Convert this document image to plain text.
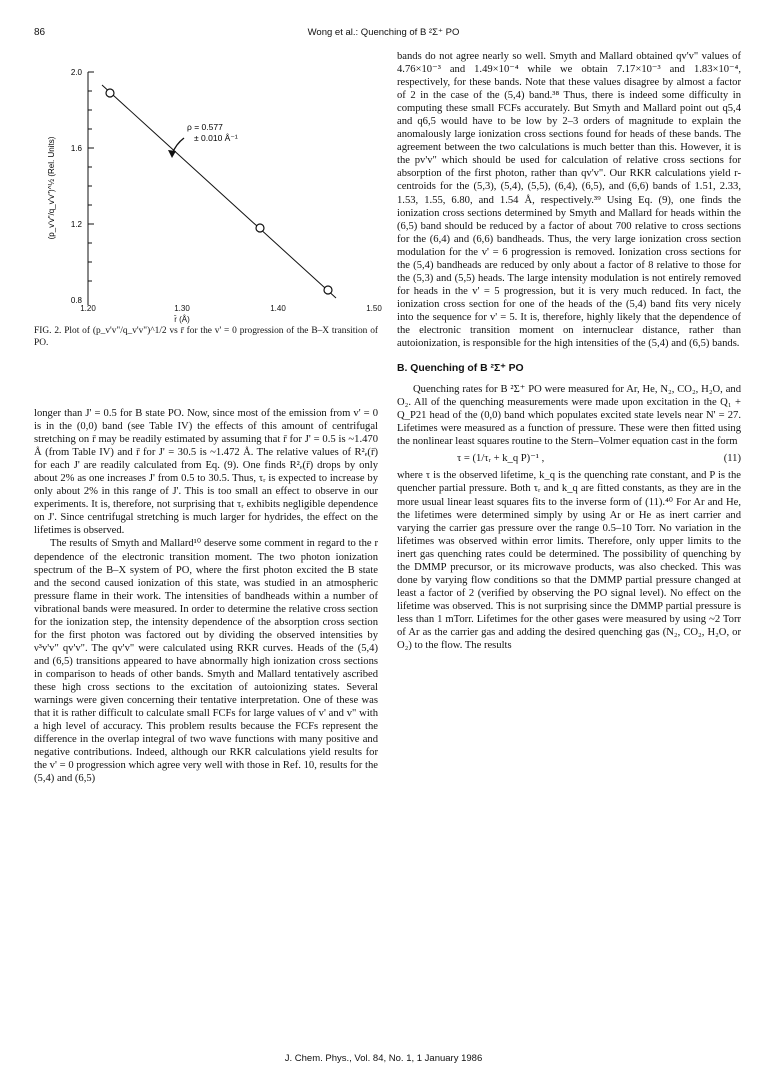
86	Wong et al.: Quenching of B ²Σ⁺ PO
2.0
1.6
1.2
0.8
(p_v'v"/q_v'v")^½ (Rel. Units)
ρ = 0.577
± 0.010 Å⁻¹
1.20	1.30	1.40	1.50
r̄ (Å)

FIG. 2. Plot of (p_v'v"/q_v'v")^1/2 vs r̄ for the v' = 0 progression of the B–X transition of PO.

longer than J' = 0.5 for B state PO. Now, since most of the emission from v' = 0 is in the (0,0) band (see Table IV) the effects of this amount of centrifugal stretching on r̄ may be readily estimated by assuming that r̄ for J' = 0.5 is ~1.470 Å (from Table IV) and r̄ for J' = 30.5 is ~1.472 Å. The relative values of R²ₑ(r̄) for each J' are readily calculated from Eq. (9). One finds R²ₑ(r̄) drops by only about 2% as one increases J' from 0.5 to 30.5. Thus, τᵣ is expected to increase by only about 2% in this range of J'. This is too small an effect to observe in our experiments. It is, therefore, not surprising that τᵣ exhibits negligible dependence on J'. Since centrifugal stretching is much larger for hydrides, the effect on the lifetimes is observed.

The results of Smyth and Mallard¹⁰ deserve some comment in regard to the r dependence of the electronic transition moment. The two photon ionization spectrum of the B–X system of PO, where the first photon excited the B state and the second caused ionization of this state, was studied in an atmospheric pressure flame in their work. The intensities of bandheads within a number of vibrational bands were measured. In order to determine the relative cross section for the ionization step, the intensity dependence of the absorption cross section for the first photon was factored out by dividing the observed intensities by ν³v'v" qv'v". The qv'v" were calculated using RKR curves. Heads of the (5,4) and (6,5) transitions appeared to have abnormally high ionization cross sections in comparison to heads of other bands. Smyth and Mallard tentatively ascribed these high cross sections to the excitation of autoionizing states. Several warnings were given concerning their tentative interpretation. One of these was that it is rather difficult to calculate small FCFs for large values of v' and v" with a high level of accuracy. This problem results because the FCFs represent the difference in the overlap integral of two wave functions with many positive and negative contributions. Indeed, although our RKR calculations yield results for the v' = 0 progression which agree very well with those in Ref. 10, results for the (5,4) and (6,5)

bands do not agree nearly so well. Smyth and Mallard obtained qv'v" values of 4.76×10⁻³ and 1.49×10⁻⁴ while we obtain 7.17×10⁻³ and 1.83×10⁻⁴, respectively, for these bands. Note that these values disagree by almost a factor of 2 in the case of the (5,4) band.³⁸ Thus, there is indeed some difficulty in computing these small FCFs accurately. But Smyth and Mallard point out q5,4 and q6,5 would have to be low by 2–3 orders of magnitude to explain the anomalously large ionization cross sections found for heads of these bands. The agreement between the two calculations is much better than this. However, it is the pv'v" which should be used for calculation of relative cross sections for absorption of the first photon, rather than qv'v". Our RKR calculations yield r-centroids for the (5,3), (5,4), (5,5), (6,4), (6,5), and (6,6) bands of 1.51, 2.33, 1.53, 1.55, 6.80, and 1.54 Å, respectively.³⁹ Using Eq. (9), one finds the ionization cross sections determined by Smyth and Mallard for heads within the (6,5) band should be reduced by a factor of about 700 relative to cross sections for the (6,4) and (6,6) bandheads. Thus, the very large ionization cross section modulation for the v' = 6 progression is removed. Ionization cross sections for the (5,4) bandheads are reduced by only about a factor of 8 relative to those for the (5,3) and (5,5) heads. The large intensity modulation is not entirely removed for heads in the v' = 5 progression, but it is very much reduced. In fact, the ionization cross section for one of the heads of the (5,4) band fits very nicely into the sequence for v' = 5. It is, therefore, highly likely that the dependence of the electronic transition moment on internuclear distance, rather than autoionization, is responsible for the high intensities of the (5,4) and (6,5) bands.

B. Quenching of B ²Σ⁺ PO

Quenching rates for B ²Σ⁺ PO were measured for Ar, He, N₂, CO₂, H₂O, and O₂. All of the quenching measurements were made upon excitation in the Q₁ + Q_P21 head of the (0,0) band which populates excited state levels near N' = 27. Lifetimes were measured as a function of pressure. These were then fitted using the nonlinear least squares routine to the Stern–Volmer equation cast in the form

τ = (1/τᵣ + k_q P)⁻¹ ,	(11)

where τ is the observed lifetime, k_q is the quenching rate constant, and P is the quencher partial pressure. Both τᵣ and k_q are fitted constants, as they are in the more usual linear least squares fits to the inverse form of (11).⁴⁰ For Ar and He, the lifetimes were determined simply by using Ar or He as inert carrier and varying the carrier gas pressure over the range 0.5–10 Torr. No variation in the lifetimes was observed within error limits. Therefore, only upper limits to the inert gas quenching rates could be determined. The possibility of quenching by the DMMP precursor, or its microwave products, was also checked. This was done by varying flow conditions so that the DMMP partial pressure changed at least a factor of 2 (verified by observing the PO signal level). No effect on the lifetime was observed. This is not surprising since the DMMP partial pressure is less than 1 mTorr. Lifetimes for the other gases were measured by using ~2 Torr of Ar as the carrier gas and adding the desired quenching gas (N₂, CO₂, H₂O, or O₂) to the flow. The results

J. Chem. Phys., Vol. 84, No. 1, 1 January 1986
